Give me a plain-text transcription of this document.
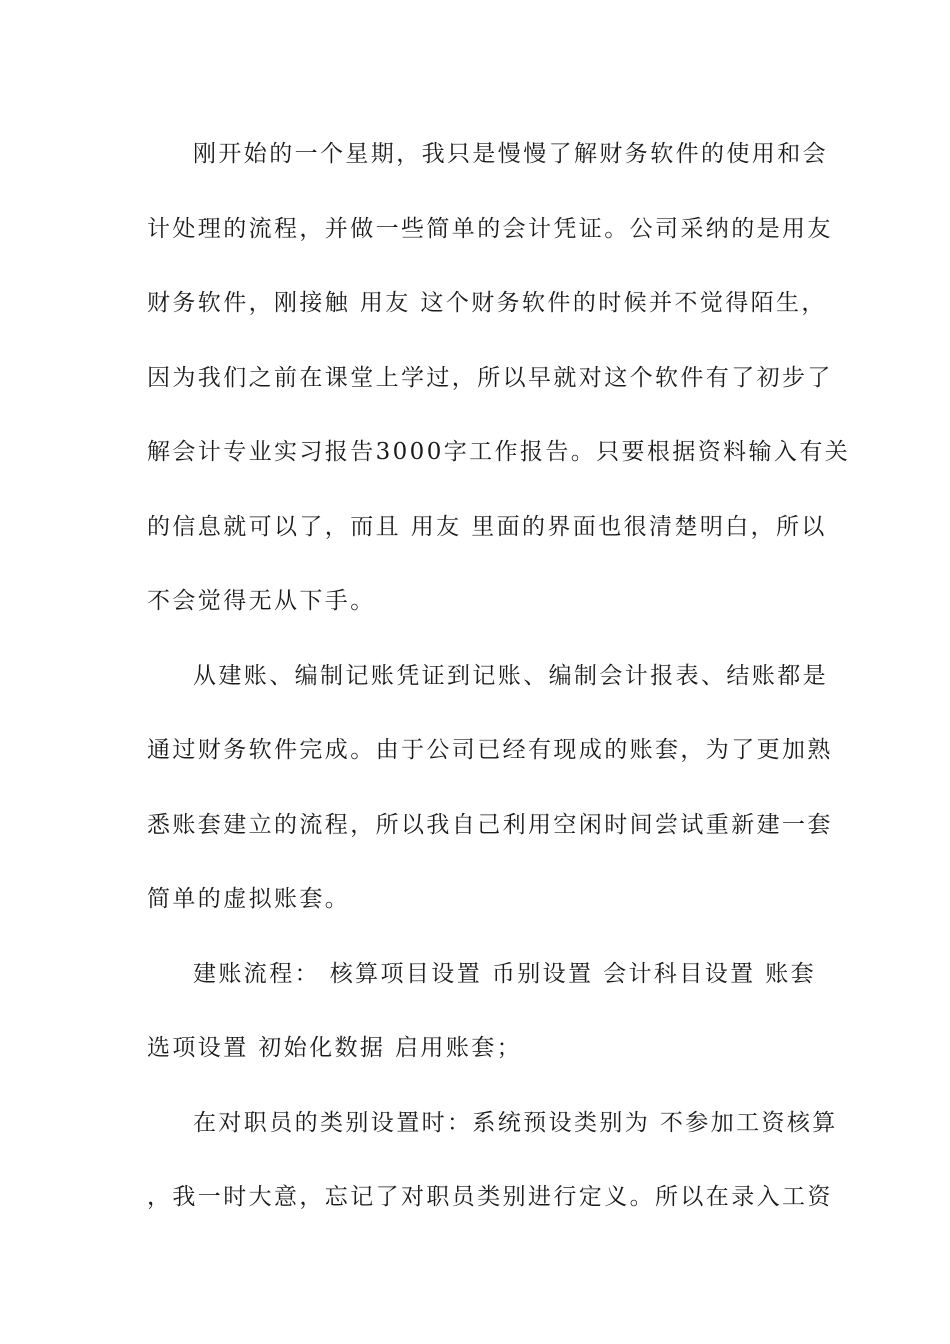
刚开始的一个星期，我只是慢慢了解财务软件的使用和会
计处理的流程，并做一些简单的会计凭证。公司采纳的是用友
财务软件，刚接触 用友 这个财务软件的时候并不觉得陌生，
因为我们之前在课堂上学过，所以早就对这个软件有了初步了
解会计专业实习报告3000字工作报告。只要根据资料输入有关
的信息就可以了，而且 用友 里面的界面也很清楚明白，所以
不会觉得无从下手。
从建账、编制记账凭证到记账、编制会计报表、结账都是
通过财务软件完成。由于公司已经有现成的账套，为了更加熟
悉账套建立的流程，所以我自己利用空闲时间尝试重新建一套
简单的虚拟账套。
建账流程： 核算项目设置 币别设置 会计科目设置 账套
选项设置 初始化数据 启用账套；
在对职员的类别设置时：系统预设类别为 不参加工资核算
，我一时大意，忘记了对职员类别进行定义。所以在录入工资
